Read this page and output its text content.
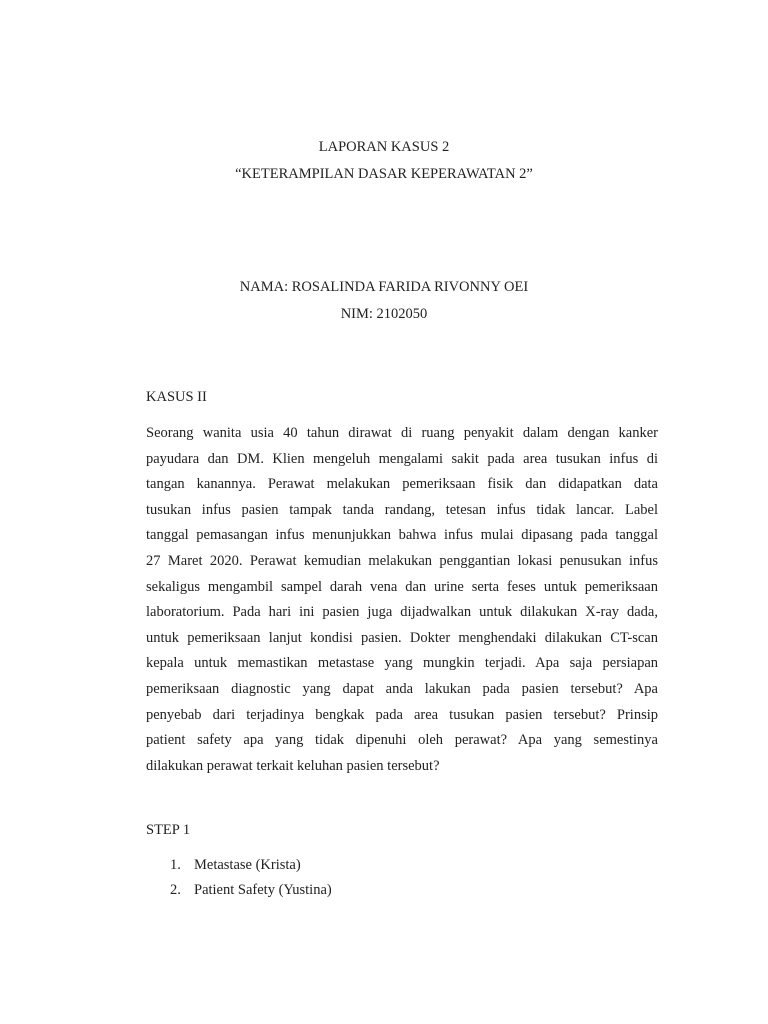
LAPORAN KASUS 2
“KETERAMPILAN DASAR KEPERAWATAN 2”
NAMA: ROSALINDA FARIDA RIVONNY OEI
NIM: 2102050
KASUS II
Seorang wanita usia 40 tahun dirawat di ruang penyakit dalam dengan kanker
payudara dan DM. Klien mengeluh mengalami sakit pada area tusukan infus di
tangan kanannya. Perawat melakukan pemeriksaan fisik dan didapatkan data
tusukan infus pasien tampak tanda randang, tetesan infus tidak lancar. Label
tanggal pemasangan infus menunjukkan bahwa infus mulai dipasang pada tanggal
27 Maret 2020. Perawat kemudian melakukan penggantian lokasi penusukan infus
sekaligus mengambil sampel darah vena dan urine serta feses untuk pemeriksaan
laboratorium. Pada hari ini pasien juga dijadwalkan untuk dilakukan X-ray dada,
untuk pemeriksaan lanjut kondisi pasien. Dokter menghendaki dilakukan CT-scan
kepala untuk memastikan metastase yang mungkin terjadi. Apa saja persiapan
pemeriksaan diagnostic yang dapat anda lakukan pada pasien tersebut? Apa
penyebab dari terjadinya bengkak pada area tusukan pasien tersebut? Prinsip
patient safety apa yang tidak dipenuhi oleh perawat? Apa yang semestinya
dilakukan perawat terkait keluhan pasien tersebut?
STEP 1
1. Metastase (Krista)
2. Patient Safety (Yustina)
